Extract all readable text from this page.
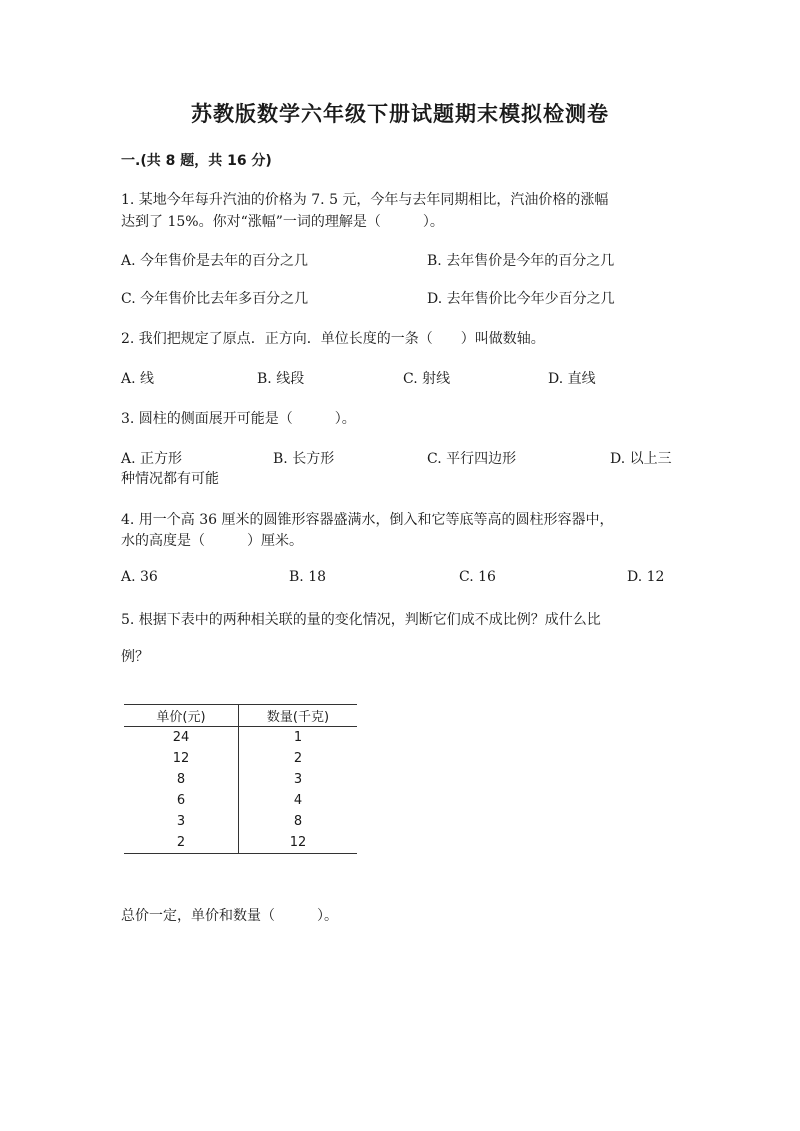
苏教版数学六年级下册试题期末模拟检测卷
一.(共 8 题，共 16 分)
1. 某地今年每升汽油的价格为 7. 5 元，今年与去年同期相比，汽油价格的涨幅
达到了 15%。你对“涨幅”一词的理解是（　　　）。
A. 今年售价是去年的百分之几	B. 去年售价是今年的百分之几
C. 今年售价比去年多百分之几	D. 去年售价比今年少百分之几
2. 我们把规定了原点．正方向．单位长度的一条（　　）叫做数轴。
A. 线	B. 线段	C. 射线	D. 直线
3. 圆柱的侧面展开可能是（　　　）。
A. 正方形	B. 长方形	C. 平行四边形	D. 以上三
种情况都有可能
4. 用一个高 36 厘米的圆锥形容器盛满水，倒入和它等底等高的圆柱形容器中，
水的高度是（　　　）厘米。
A. 36	B. 18	C. 16	D. 12
5. 根据下表中的两种相关联的量的变化情况，判断它们成不成比例？成什么比
例？
单价(元)	数量(千克)
24	1
12	2
8	3
6	4
3	8
2	12
总价一定，单价和数量（　　　）。
